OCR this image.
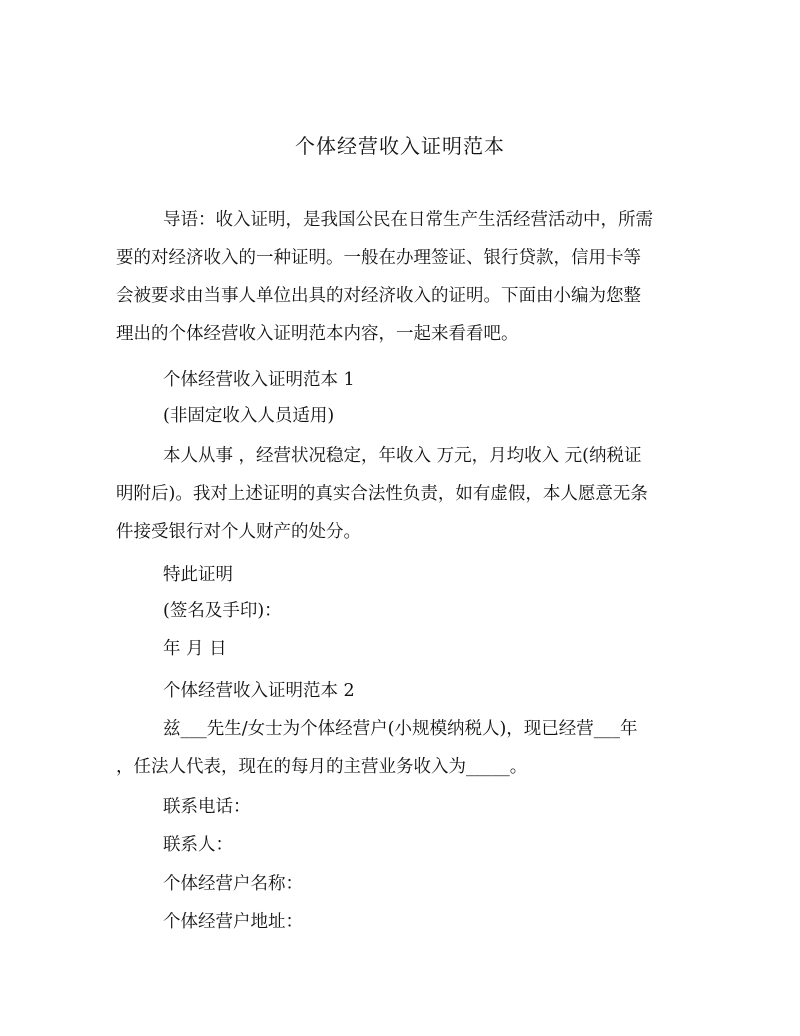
个体经营收入证明范本
导语：收入证明，是我国公民在日常生产生活经营活动中，所需
要的对经济收入的一种证明。一般在办理签证、银行贷款，信用卡等
会被要求由当事人单位出具的对经济收入的证明。下面由小编为您整
理出的个体经营收入证明范本内容，一起来看看吧。
个体经营收入证明范本 1
(非固定收入人员适用)
本人从事 ，经营状况稳定，年收入 万元，月均收入 元(纳税证
明附后)。我对上述证明的真实合法性负责，如有虚假，本人愿意无条
件接受银行对个人财产的处分。
特此证明
(签名及手印)：
年 月 日
个体经营收入证明范本 2
兹___先生/女士为个体经营户(小规模纳税人)，现已经营___年
，任法人代表，现在的每月的主营业务收入为_____。
联系电话：
联系人：
个体经营户名称：
个体经营户地址：
